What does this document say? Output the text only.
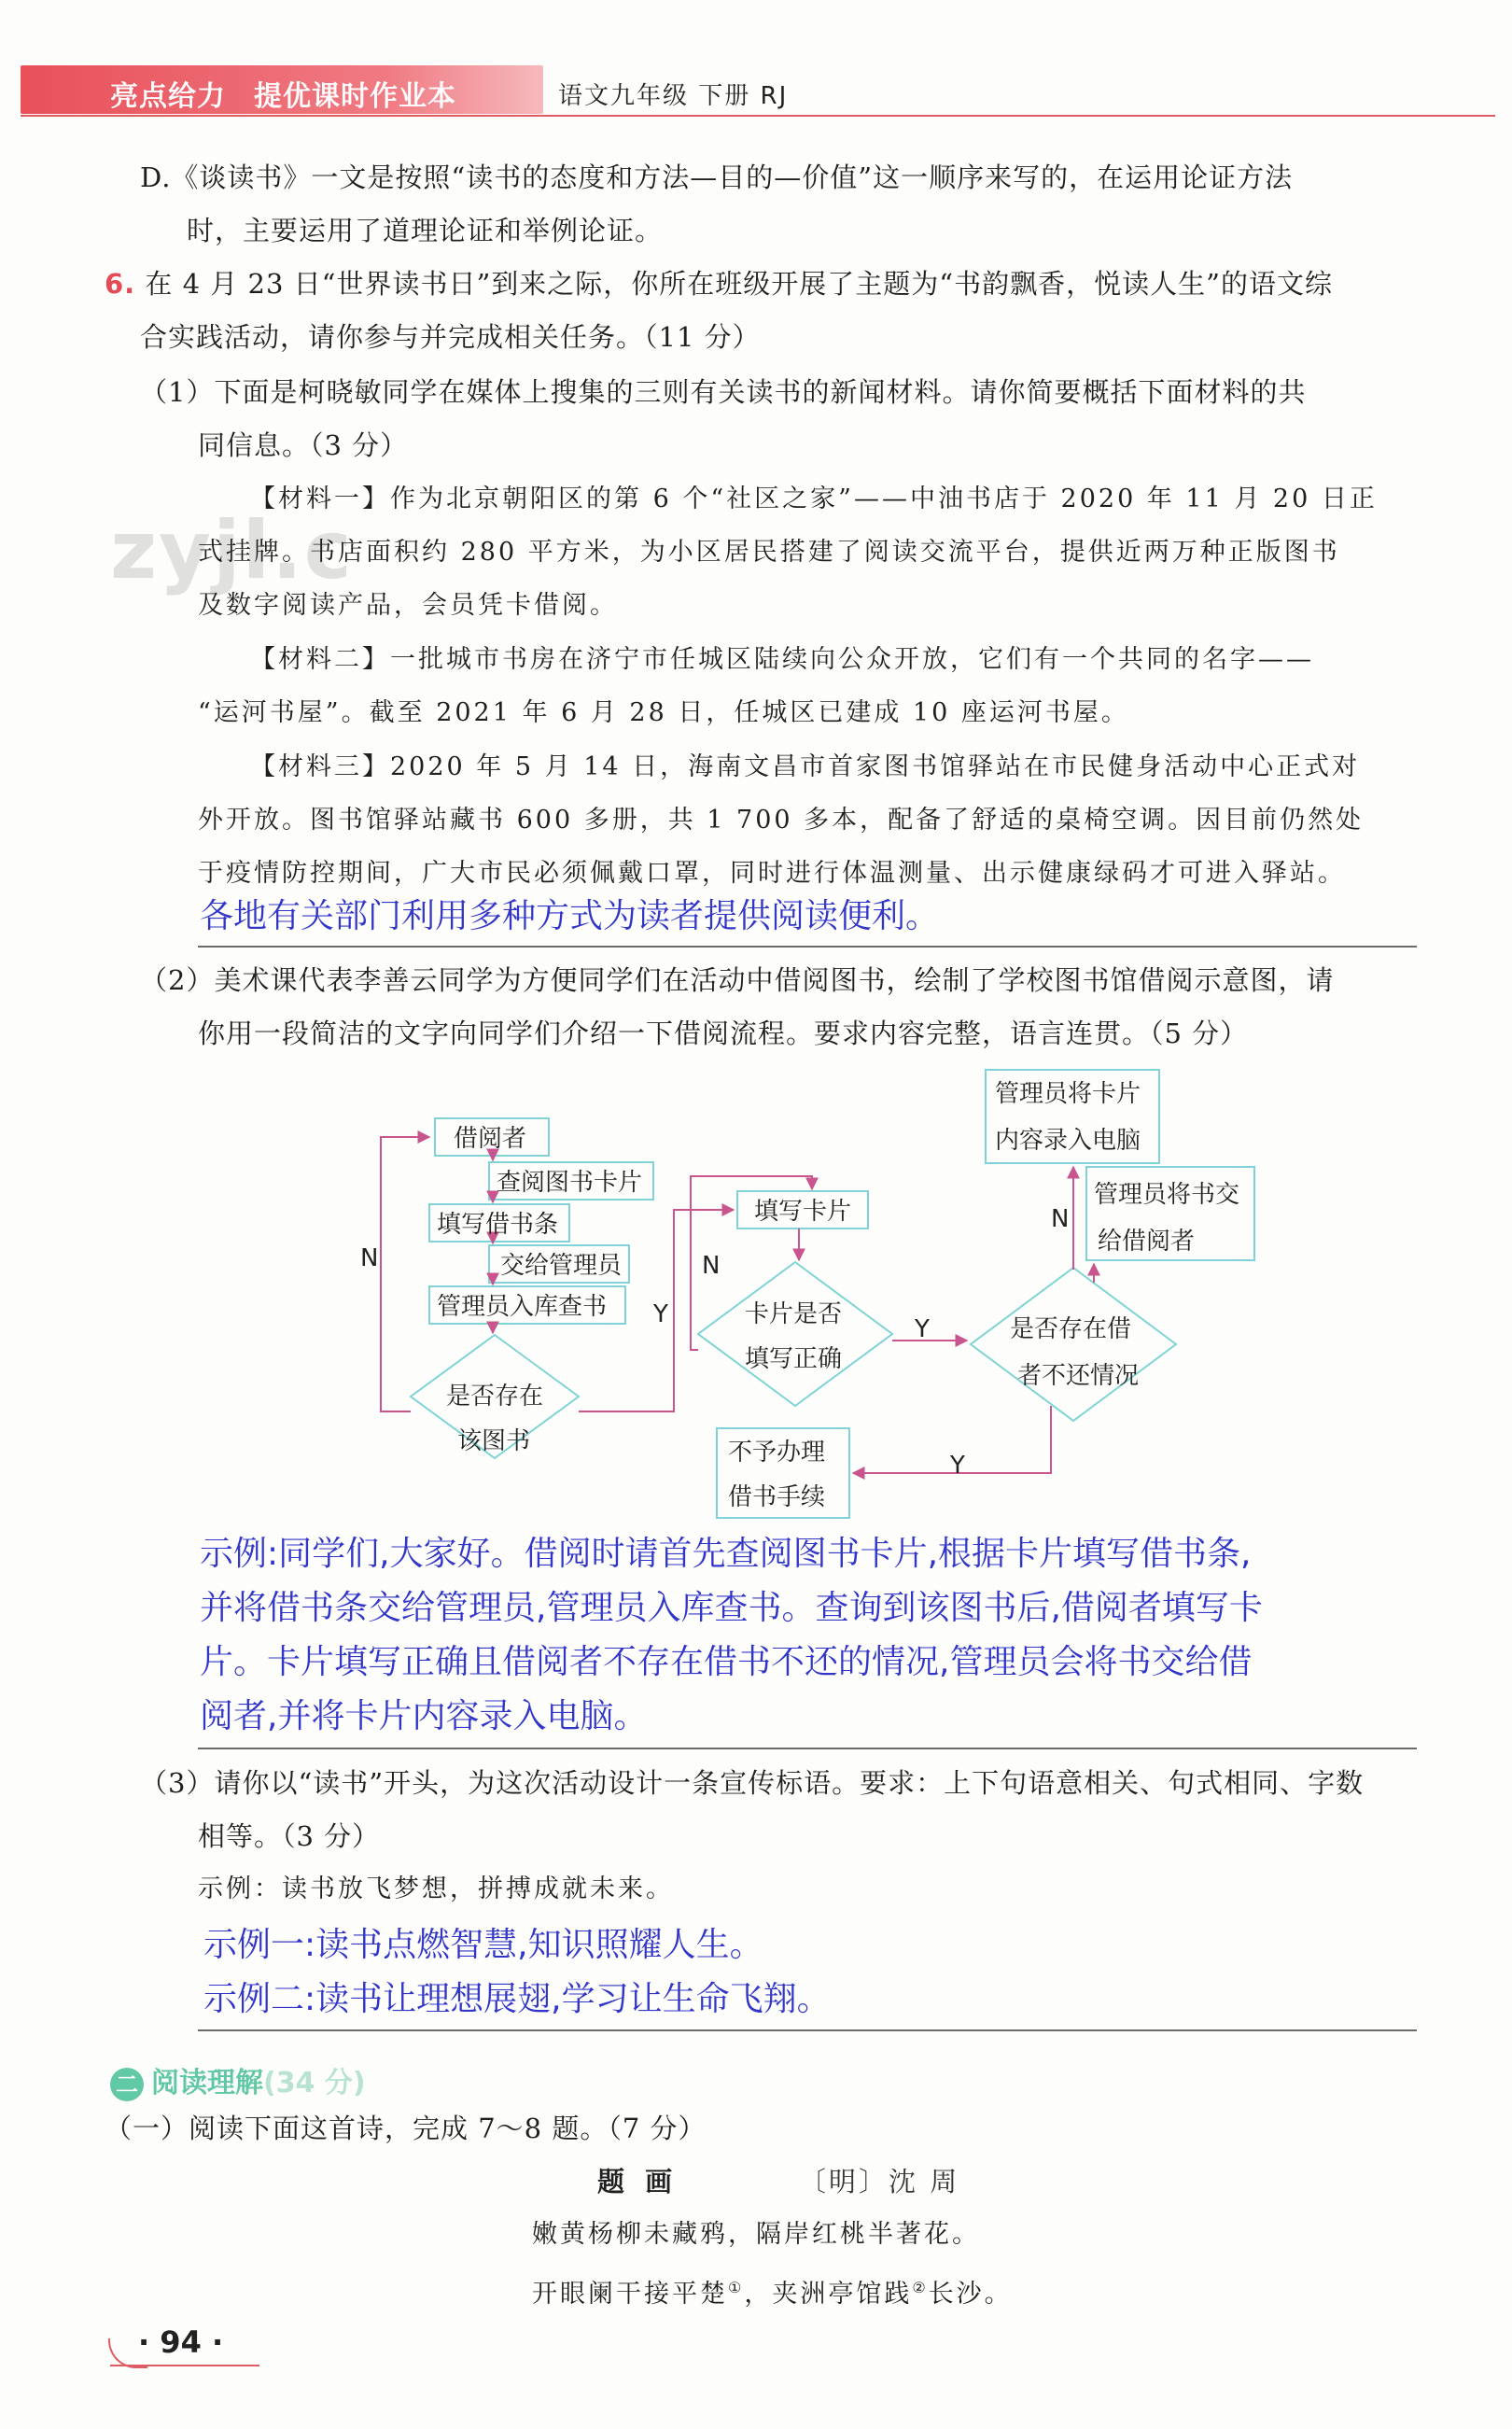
亮点给力 提优课时作业本	语文九年级 下册 RJ
zyjl.c
D.《谈读书》一文是按照“读书的态度和方法—目的—价值”这一顺序来写的，在运用论证方法
时，主要运用了道理论证和举例论证。
6. 在 4 月 23 日“世界读书日”到来之际，你所在班级开展了主题为“书韵飘香，悦读人生”的语文综
合实践活动，请你参与并完成相关任务。（11 分）
（1）下面是柯晓敏同学在媒体上搜集的三则有关读书的新闻材料。请你简要概括下面材料的共
同信息。（3 分）
【材料一】作为北京朝阳区的第 6 个“社区之家”——中油书店于 2020 年 11 月 20 日正
式挂牌。书店面积约 280 平方米，为小区居民搭建了阅读交流平台，提供近两万种正版图书
及数字阅读产品，会员凭卡借阅。
【材料二】一批城市书房在济宁市任城区陆续向公众开放，它们有一个共同的名字——
“运河书屋”。截至 2021 年 6 月 28 日，任城区已建成 10 座运河书屋。
【材料三】2020 年 5 月 14 日，海南文昌市首家图书馆驿站在市民健身活动中心正式对
外开放。图书馆驿站藏书 600 多册，共 1 700 多本，配备了舒适的桌椅空调。因目前仍然处
于疫情防控期间，广大市民必须佩戴口罩，同时进行体温测量、出示健康绿码才可进入驿站。
各地有关部门利用多种方式为读者提供阅读便利。
（2）美术课代表李善云同学为方便同学们在活动中借阅图书，绘制了学校图书馆借阅示意图，请
你用一段简洁的文字向同学们介绍一下借阅流程。要求内容完整，语言连贯。（5 分）
借阅者
查阅图书卡片
填写借书条
交给管理员
管理员入库查书
是否存在
该图书
填写卡片
卡片是否
填写正确
是否存在借
者不还情况
管理员将书交
给借阅者
管理员将卡片
内容录入电脑
不予办理
借书手续
N
Y
N
Y
N
Y
示例:同学们,大家好。借阅时请首先查阅图书卡片,根据卡片填写借书条,
并将借书条交给管理员,管理员入库查书。查询到该图书后,借阅者填写卡
片。卡片填写正确且借阅者不存在借书不还的情况,管理员会将书交给借
阅者,并将卡片内容录入电脑。
（3）请你以“读书”开头，为这次活动设计一条宣传标语。要求：上下句语意相关、句式相同、字数
相等。（3 分）
示例：读书放飞梦想，拼搏成就未来。
示例一:读书点燃智慧,知识照耀人生。
示例二:读书让理想展翅,学习让生命飞翔。
二 阅读理解(34 分)
（一）阅读下面这首诗，完成 7～8 题。（7 分）
题 画	〔明〕沈 周
嫩黄杨柳未藏鸦，隔岸红桃半著花。
开眼阑干接平楚①，夹洲亭馆践②长沙。
· 94 ·
